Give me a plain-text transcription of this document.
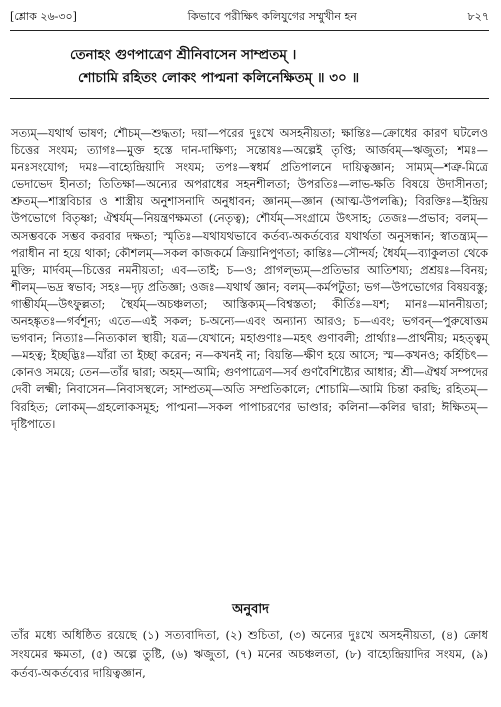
[শ্লোক ২৬-৩০]	কিভাবে পরীক্ষিৎ কলিযুগের সম্মুখীন হন	৮২৭
তেনাহং গুণপাত্রেণ শ্রীনিবাসেন সাম্প্রতম্ ।
শোচামি রহিতং লোকং পাপ্মনা কলিনেক্ষিতম্ ॥ ৩০ ॥

সত্যম্—যথার্থ ভাষণ; শৌচম্—শুদ্ধতা; দয়া—পরের দুঃখে অসহনীয়তা; ক্ষান্তিঃ—ক্রোধের কারণ ঘটলেও চিত্তের সংযম; ত্যাগঃ—মুক্ত হস্তে দান-দাক্ষিণ্য; সন্তোষঃ—অল্পেই তৃপ্তি; আর্জবম্—ঋজুতা; শমঃ—মনঃসংযোগ; দমঃ—বাহ্যেন্দ্রিয়াদি সংযম; তপঃ—স্বধর্ম প্রতিপালনে দায়িত্বজ্ঞান; সাম্যম্—শত্রু-মিত্রে ভেদাভেদ হীনতা; তিতিক্ষা—অন্যের অপরাধের সহনশীলতা; উপরতিঃ—লাভ-ক্ষতি বিষয়ে উদাসীনতা; শ্রুতম্—শাস্ত্রবিচার ও শাস্ত্রীয় অনুশাসনাদি অনুধাবন; জ্ঞানম্—জ্ঞান (আত্ম-উপলব্ধি); বিরক্তিঃ—ইন্দ্রিয় উপভোগে বিতৃষ্ণা; ঐশ্বর্যম্—নিয়ন্ত্রণক্ষমতা (নেতৃত্ব); শৌর্যম্—সংগ্রামে উৎসাহ; তেজঃ—প্রভাব; বলম্—অসম্ভবকে সম্ভব করবার দক্ষতা; স্মৃতিঃ—যথাযথভাবে কর্তব্য-অকর্তব্যের যথার্থতা অনুসন্ধান; স্বাতন্ত্র্যম্—পরাধীন না হয়ে থাকা; কৌশলম্—সকল কাজকর্মে ক্রিয়ানিপুণতা; কান্তিঃ—সৌন্দর্য; ধৈর্যম্—ব্যাকুলতা থেকে মুক্তি; মার্দবম্—চিত্তের নমনীয়তা; এব—তাই; চ—ও; প্রাগল্ভ্যম্—প্রতিভার আতিশয্য; প্রশ্রয়ঃ—বিনয়; শীলম্—ভদ্র স্বভাব; সহঃ—দৃঢ় প্রতিজ্ঞা; ওজঃ—যথার্থ জ্ঞান; বলম্—কর্মপটুতা; ভগ—উপভোগের বিষয়বস্তু; গাম্ভীর্যম্—উৎফুল্লতা; স্থৈর্যম্—অচঞ্চলতা; আস্তিক্যম্—বিশ্বস্ততা; কীর্তিঃ—যশ; মানঃ—মাননীয়তা; অনহঙ্কৃতঃ—গর্বশূন্য; এতে—এই সকল; চ-অন্যে—এবং অন্যান্য আরও; চ—এবং; ভগবন্—পুরুষোত্তম ভগবান; নিত্যাঃ—নিত্যকাল স্থায়ী; যত্র—যেখানে; মহাগুণাঃ—মহৎ গুণাবলী; প্রার্থ্যাঃ—প্রার্থনীয়; মহত্ত্বম্—মহত্ব; ইচ্ছদ্ভিঃ—যাঁরা তা ইচ্ছা করেন; ন—কখনই না; বিয়ন্তি—ক্ষীণ হয়ে আসে; স্ম—কখনও; কর্হিচিৎ—কোনও সময়ে; তেন—তাঁর দ্বারা; অহম্—আমি; গুণপাত্রেণ—সর্ব গুণবৈশিষ্ট্যের আধার; শ্রী—ঐশ্বর্য সম্পদের দেবী লক্ষ্মী; নিবাসেন—নিবাসস্থলে; সাম্প্রতম্—অতি সম্প্রতিকালে; শোচামি—আমি চিন্তা করছি; রহিতম্—বিরহিত; লোকম্—গ্রহলোকসমূহ; পাপ্মনা—সকল পাপাচরণের ভাণ্ডার; কলিনা—কলির দ্বারা; ঈক্ষিতম্—দৃষ্টিপাতে।

অনুবাদ

তাঁর মধ্যে অধিষ্ঠিত রয়েছে (১) সত্যবাদিতা, (২) শুচিতা, (৩) অন্যের দুঃখে অসহনীয়তা, (৪) ক্রোধ সংযমের ক্ষমতা, (৫) অল্পে তুষ্টি, (৬) ঋজুতা, (৭) মনের অচঞ্চলতা, (৮) বাহ্যেন্দ্রিয়াদির সংযম, (৯) কর্তব্য-অকর্তব্যের দায়িত্বজ্ঞান,
